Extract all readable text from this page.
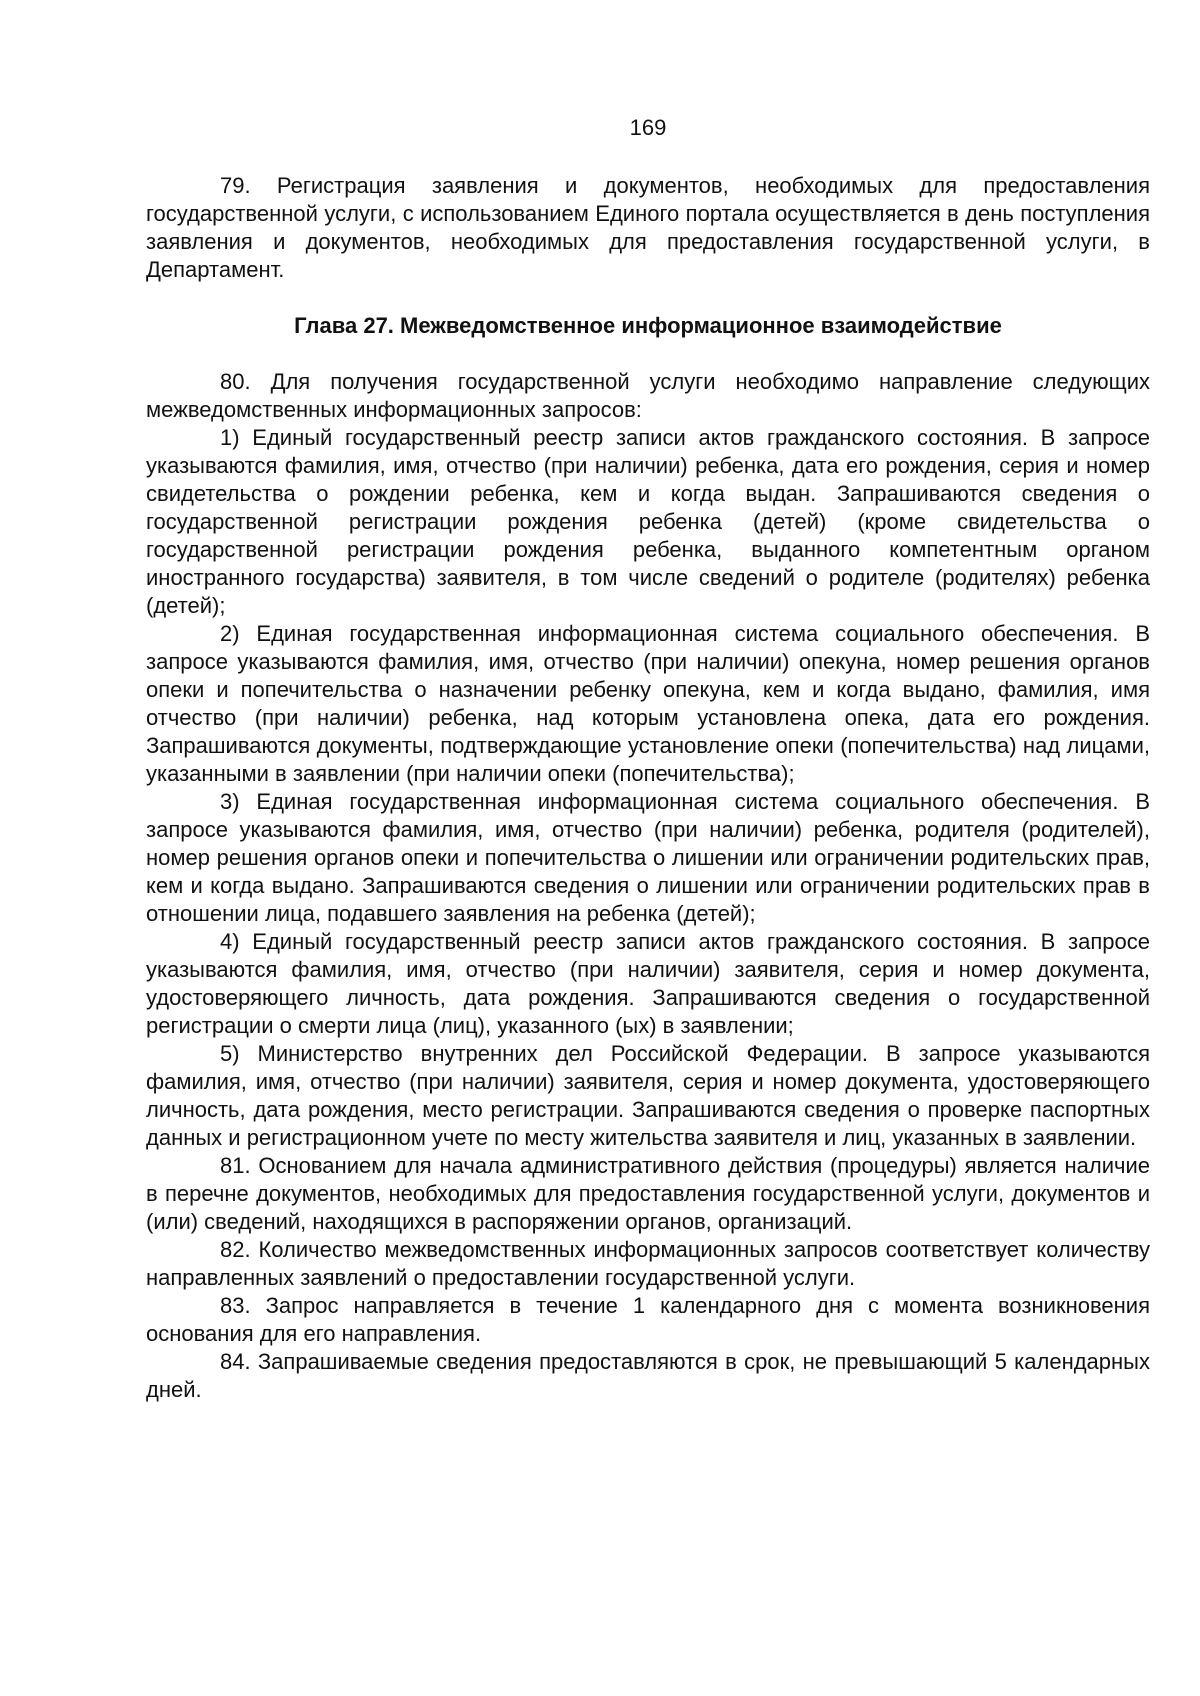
169

79. Регистрация заявления и документов, необходимых для предоставления государственной услуги, с использованием Единого портала осуществляется в день поступления заявления и документов, необходимых для предоставления государственной услуги, в Департамент.

Глава 27. Межведомственное информационное взаимодействие

80. Для получения государственной услуги необходимо направление следующих межведомственных информационных запросов:

1) Единый государственный реестр записи актов гражданского состояния. В запросе указываются фамилия, имя, отчество (при наличии) ребенка, дата его рождения, серия и номер свидетельства о рождении ребенка, кем и когда выдан. Запрашиваются сведения о государственной регистрации рождения ребенка (детей) (кроме свидетельства о государственной регистрации рождения ребенка, выданного компетентным органом иностранного государства) заявителя, в том числе сведений о родителе (родителях) ребенка (детей);

2) Единая государственная информационная система социального обеспечения. В запросе указываются фамилия, имя, отчество (при наличии) опекуна, номер решения органов опеки и попечительства о назначении ребенку опекуна, кем и когда выдано, фамилия, имя отчество (при наличии) ребенка, над которым установлена опека, дата его рождения. Запрашиваются документы, подтверждающие установление опеки (попечительства) над лицами, указанными в заявлении (при наличии опеки (попечительства);

3) Единая государственная информационная система социального обеспечения. В запросе указываются фамилия, имя, отчество (при наличии) ребенка, родителя (родителей), номер решения органов опеки и попечительства о лишении или ограничении родительских прав, кем и когда выдано. Запрашиваются сведения о лишении или ограничении родительских прав в отношении лица, подавшего заявления на ребенка (детей);

4) Единый государственный реестр записи актов гражданского состояния. В запросе указываются фамилия, имя, отчество (при наличии) заявителя, серия и номер документа, удостоверяющего личность, дата рождения. Запрашиваются сведения о государственной регистрации о смерти лица (лиц), указанного (ых) в заявлении;

5) Министерство внутренних дел Российской Федерации. В запросе указываются фамилия, имя, отчество (при наличии) заявителя, серия и номер документа, удостоверяющего личность, дата рождения, место регистрации. Запрашиваются сведения о проверке паспортных данных и регистрационном учете по месту жительства заявителя и лиц, указанных в заявлении.

81. Основанием для начала административного действия (процедуры) является наличие в перечне документов, необходимых для предоставления государственной услуги, документов и (или) сведений, находящихся в распоряжении органов, организаций.

82. Количество межведомственных информационных запросов соответствует количеству направленных заявлений о предоставлении государственной услуги.

83. Запрос направляется в течение 1 календарного дня с момента возникновения основания для его направления.

84. Запрашиваемые сведения предоставляются в срок, не превышающий 5 календарных дней.
